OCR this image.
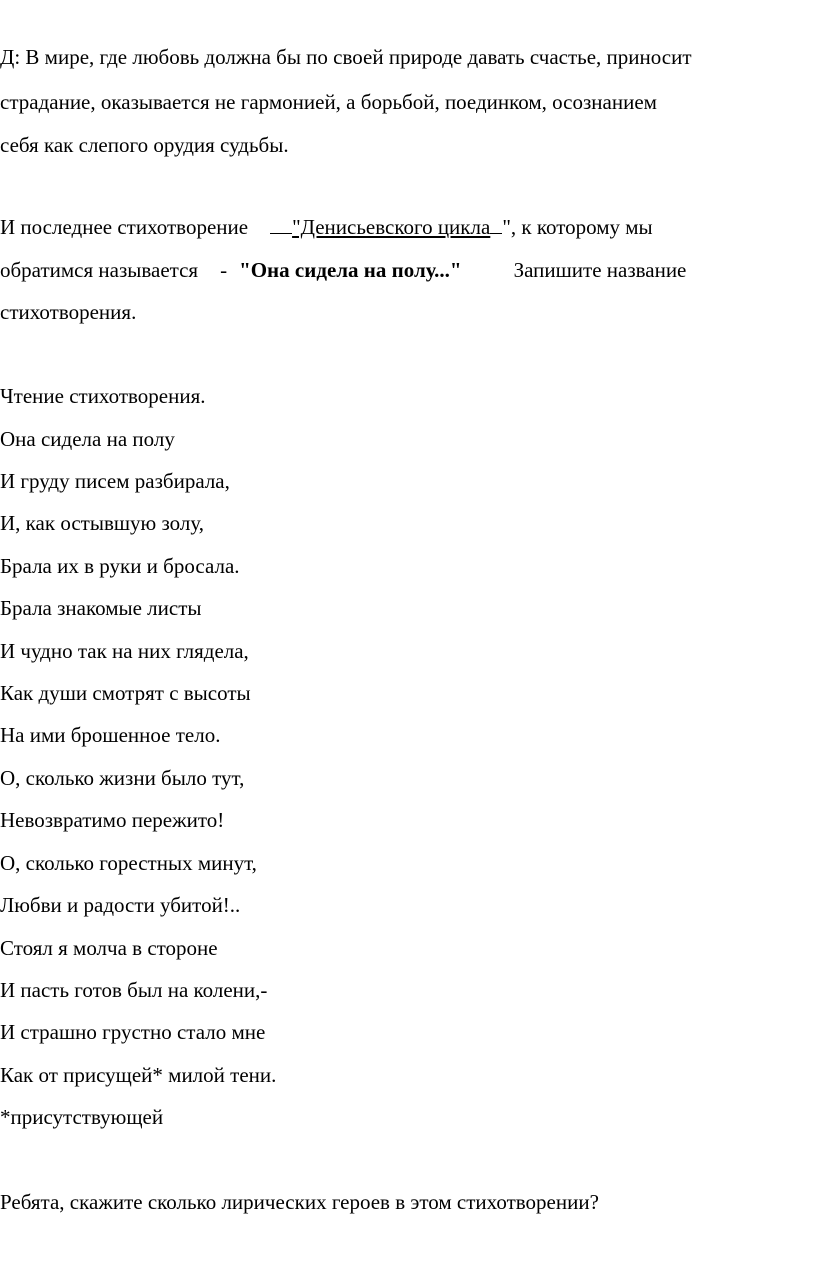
Д: В мире, где любовь должна бы по своей природе давать счастье, приносит
страдание, оказывается не гармонией, а борьбой, поединком, осознанием
себя как слепого орудия судьбы.
И последнее стихотворение "Денисьевского цикла ", к которому мы
обратимся называется - "Она сидела на полу..." Запишите название
стихотворения.
Чтение стихотворения.
Она сидела на полу
И груду писем разбирала,
И, как остывшую золу,
Брала их в руки и бросала.
Брала знакомые листы
И чудно так на них глядела,
Как души смотрят с высоты
На ими брошенное тело.
О, сколько жизни было тут,
Невозвратимо пережито!
О, сколько горестных минут,
Любви и радости убитой!..
Стоял я молча в стороне
И пасть готов был на колени,-
И страшно грустно стало мне
Как от присущей* милой тени.
*присутствующей
Ребята, скажите сколько лирических героев в этом стихотворении?
